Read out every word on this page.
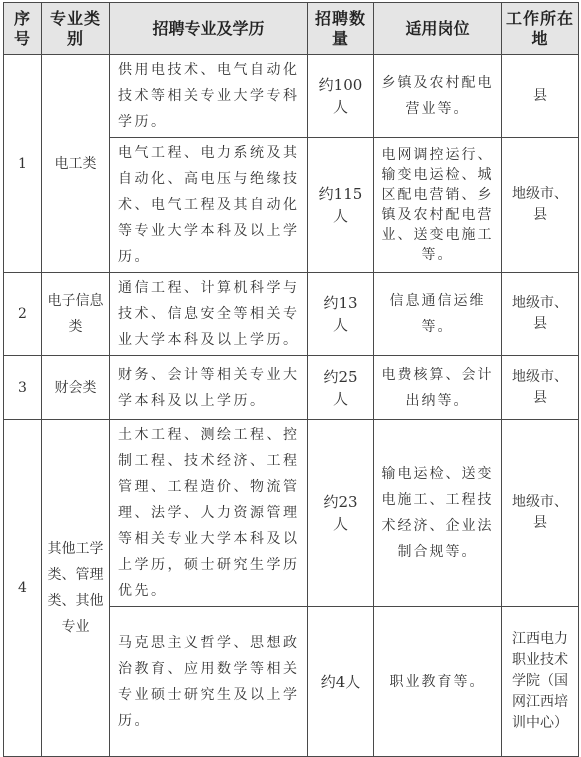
序号	专业类别	招聘专业及学历	招聘数量	适用岗位	工作所在地
1	电工类	供用电技术、电气自动化技术等相关专业大学专科学历。	约100人	乡镇及农村配电营业等。	县
		电气工程、电力系统及其自动化、高电压与绝缘技术、电气工程及其自动化等专业大学本科及以上学历。	约115人	电网调控运行、输变电运检、城区配电营销、乡镇及农村配电营业、送变电施工等。	地级市、县
2	电子信息类	通信工程、计算机科学与技术、信息安全等相关专业大学本科及以上学历。	约13人	信息通信运维等。	地级市、县
3	财会类	财务、会计等相关专业大学本科及以上学历。	约25人	电费核算、会计出纳等。	地级市、县
4	其他工学类、管理类、其他专业	土木工程、测绘工程、控制工程、技术经济、工程管理、工程造价、物流管理、法学、人力资源管理等相关专业大学本科及以上学历，硕士研究生学历优先。	约23人	输电运检、送变电施工、工程技术经济、企业法制合规等。	地级市、县
		马克思主义哲学、思想政治教育、应用数学等相关专业硕士研究生及以上学历。	约4人	职业教育等。	江西电力职业技术学院（国网江西培训中心）
